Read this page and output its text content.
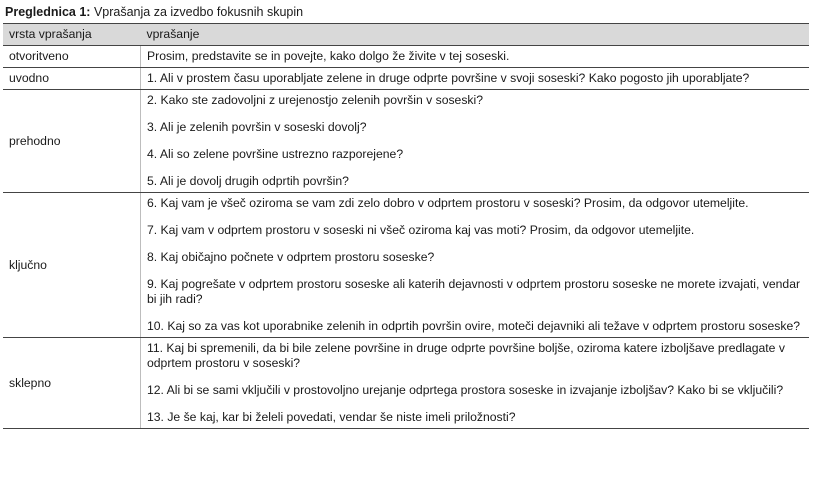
Preglednica 1: Vprašanja za izvedbo fokusnih skupin
vrsta vprašanja	vprašanje
otvoritveno	Prosim, predstavite se in povejte, kako dolgo že živite v tej soseski.

uvodno	1. Ali v prostem času uporabljate zelene in druge odprte površine v svoji soseski? Kako pogosto jih uporabljate?

prehodno	2. Kako ste zadovoljni z urejenostjo zelenih površin v soseski?
3. Ali je zelenih površin v soseski dovolj?
4. Ali so zelene površine ustrezno razporejene?
5. Ali je dovolj drugih odprtih površin?

ključno	6. Kaj vam je všeč oziroma se vam zdi zelo dobro v odprtem prostoru v soseski? Prosim, da odgovor utemeljite.
7. Kaj vam v odprtem prostoru v soseski ni všeč oziroma kaj vas moti? Prosim, da odgovor utemeljite.
8. Kaj običajno počnete v odprtem prostoru soseske?
9. Kaj pogrešate v odprtem prostoru soseske ali katerih dejavnosti v odprtem prostoru soseske ne morete izvajati, vendar bi jih radi?
10. Kaj so za vas kot uporabnike zelenih in odprtih površin ovire, moteči dejavniki ali težave v odprtem prostoru soseske?

sklepno	11. Kaj bi spremenili, da bi bile zelene površine in druge odprte površine boljše, oziroma katere izboljšave predlagate v odprtem prostoru v soseski?
12. Ali bi se sami vključili v prostovoljno urejanje odprtega prostora soseske in izvajanje izboljšav? Kako bi se vključili?
13. Je še kaj, kar bi želeli povedati, vendar še niste imeli priložnosti?
